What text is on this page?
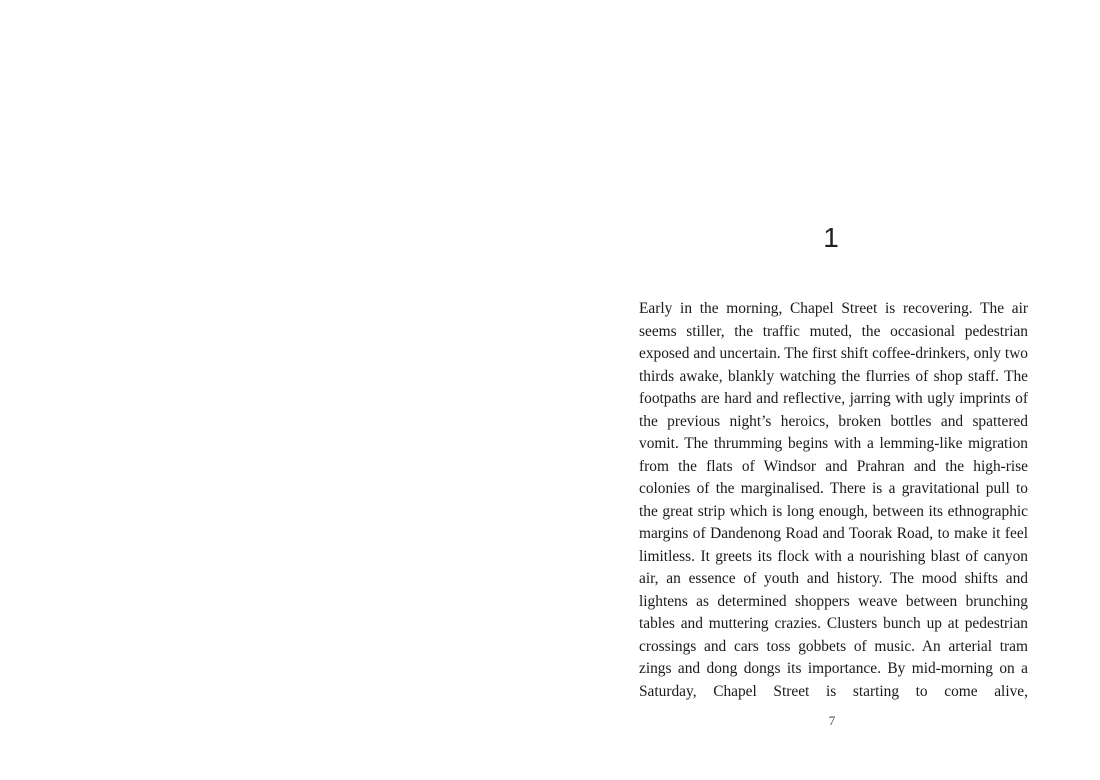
1

Early in the morning, Chapel Street is recovering. The air seems stiller, the traffic muted, the occasional pedestrian exposed and uncertain. The first shift coffee-drinkers, only two thirds awake, blankly watching the flurries of shop staff. The footpaths are hard and reflective, jarring with ugly imprints of the previous night’s heroics, broken bottles and spattered vomit. The thrumming begins with a lemming-like migration from the flats of Windsor and Prahran and the high-rise colonies of the marginalised. There is a gravitational pull to the great strip which is long enough, between its ethnographic margins of Dandenong Road and Toorak Road, to make it feel limitless. It greets its flock with a nourishing blast of canyon air, an essence of youth and history. The mood shifts and lightens as determined shoppers weave between brunching tables and muttering crazies. Clusters bunch up at pedestrian crossings and cars toss gobbets of music. An arterial tram zings and dong dongs its importance. By mid-morning on a Saturday, Chapel Street is starting to come alive,

7
